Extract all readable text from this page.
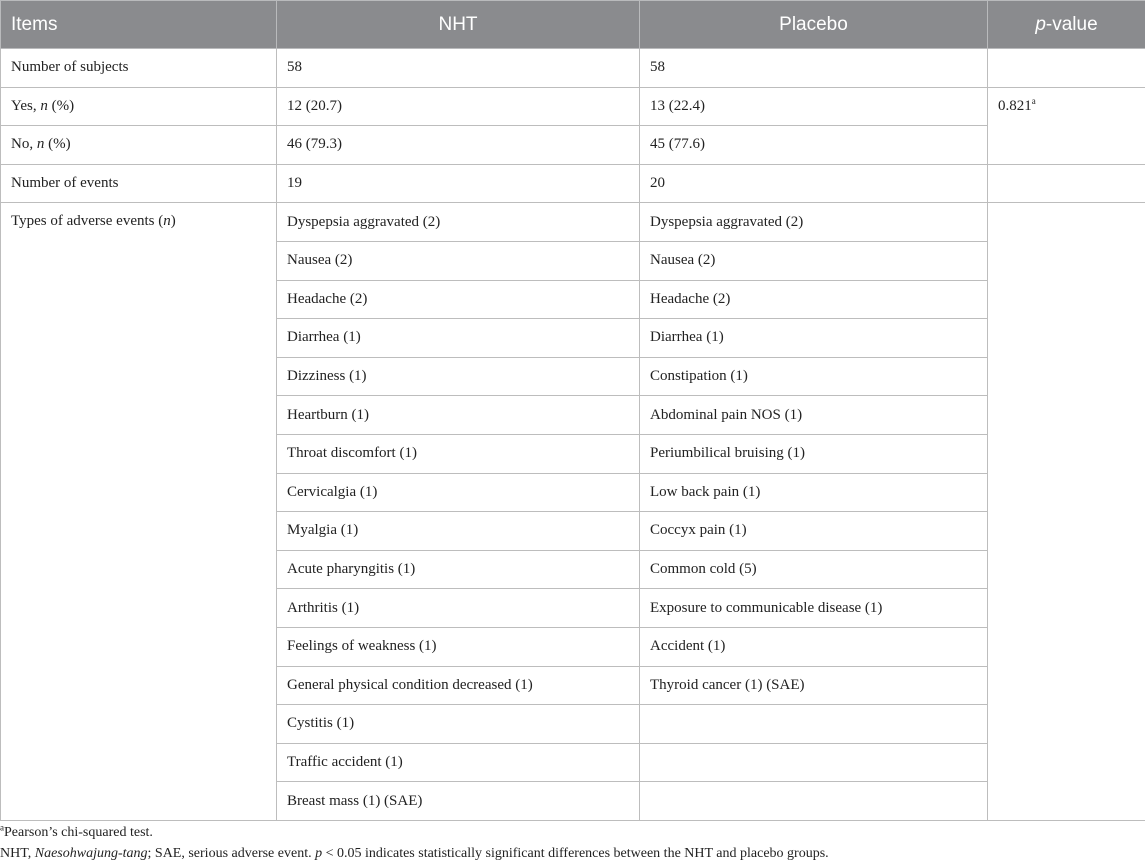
Items	NHT	Placebo	p-value
Number of subjects	58	58	
Yes, n (%)	12 (20.7)	13 (22.4)	0.821$^a$
No, n (%)	46 (79.3)	45 (77.6)	
Number of events	19	20	
Types of adverse events (n)	Dyspepsia aggravated (2)	Dyspepsia aggravated (2)	
	Nausea (2)	Nausea (2)	
	Headache (2)	Headache (2)	
	Diarrhea (1)	Diarrhea (1)	
	Dizziness (1)	Constipation (1)	
	Heartburn (1)	Abdominal pain NOS (1)	
	Throat discomfort (1)	Periumbilical bruising (1)	
	Cervicalgia (1)	Low back pain (1)	
	Myalgia (1)	Coccyx pain (1)	
	Acute pharyngitis (1)	Common cold (5)	
	Arthritis (1)	Exposure to communicable disease (1)	
	Feelings of weakness (1)	Accident (1)	
	General physical condition decreased (1)	Thyroid cancer (1) (SAE)	
	Cystitis (1)		
	Traffic accident (1)		
	Breast mass (1) (SAE)		
$^a$Pearson’s chi-squared test.
NHT, Naesohwajung-tang; SAE, serious adverse event. p < 0.05 indicates statistically significant differences between the NHT and placebo groups.
